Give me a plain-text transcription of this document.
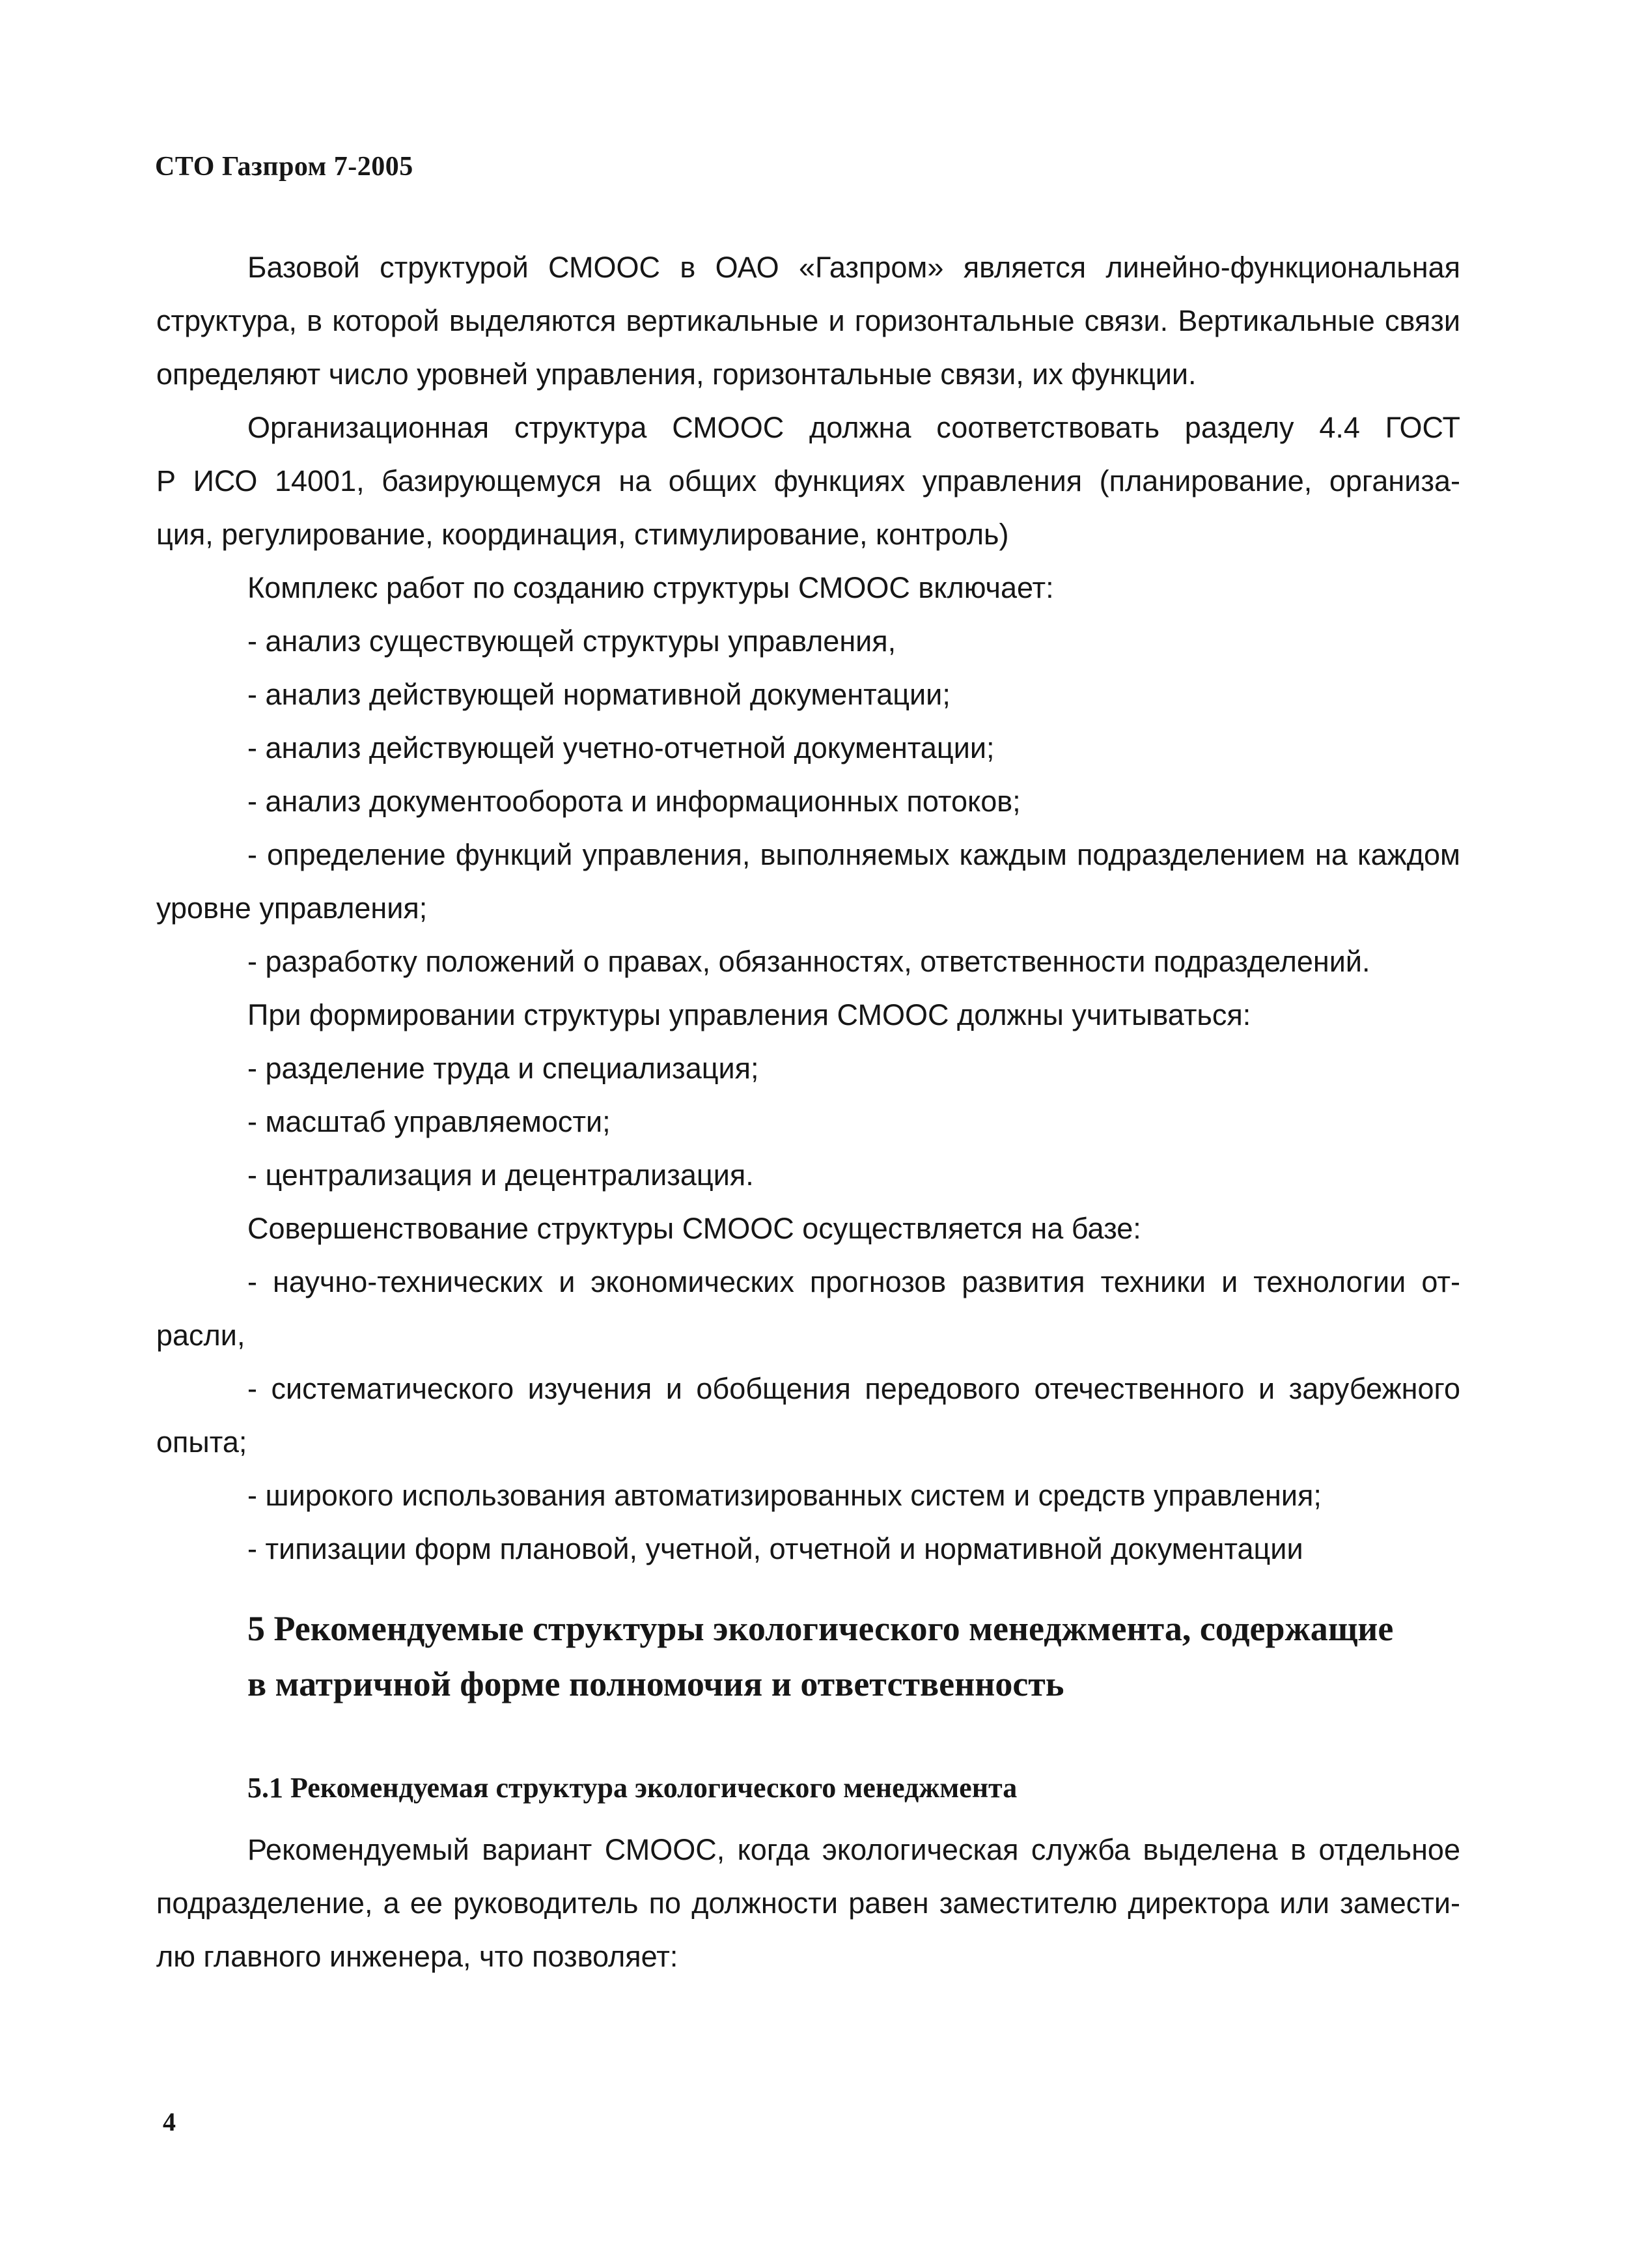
СТО Газпром 7-2005
Базовой структурой СМООС в ОАО «Газпром» является линейно-функциональная
структура, в которой выделяются вертикальные и горизонтальные связи. Вертикальные связи
определяют число уровней управления, горизонтальные связи, их функции.
Организационная структура СМООС должна соответствовать разделу 4.4 ГОСТ
Р ИСО 14001, базирующемуся на общих функциях управления (планирование, организа-
ция, регулирование, координация, стимулирование, контроль)
Комплекс работ по созданию структуры СМООС включает:
- анализ существующей структуры управления,
- анализ действующей нормативной документации;
- анализ действующей учетно-отчетной документации;
- анализ документооборота и информационных потоков;
- определение функций управления, выполняемых каждым подразделением на каждом
уровне управления;
- разработку положений о правах, обязанностях, ответственности подразделений.
При формировании структуры управления СМООС должны учитываться:
- разделение труда и специализация;
- масштаб управляемости;
- централизация и децентрализация.
Совершенствование структуры СМООС осуществляется на базе:
- научно-технических и экономических прогнозов развития техники и технологии от-
расли,
- систематического изучения и обобщения передового отечественного и зарубежного
опыта;
- широкого использования автоматизированных систем и средств управления;
- типизации форм плановой, учетной, отчетной и нормативной документации
5 Рекомендуемые структуры экологического менеджмента, содержащие
в матричной форме полномочия и ответственность
5.1 Рекомендуемая структура экологического менеджмента
Рекомендуемый вариант СМООС, когда экологическая служба выделена в отдельное
подразделение, а ее руководитель по должности равен заместителю директора или замести-
лю главного инженера, что позволяет:
4
